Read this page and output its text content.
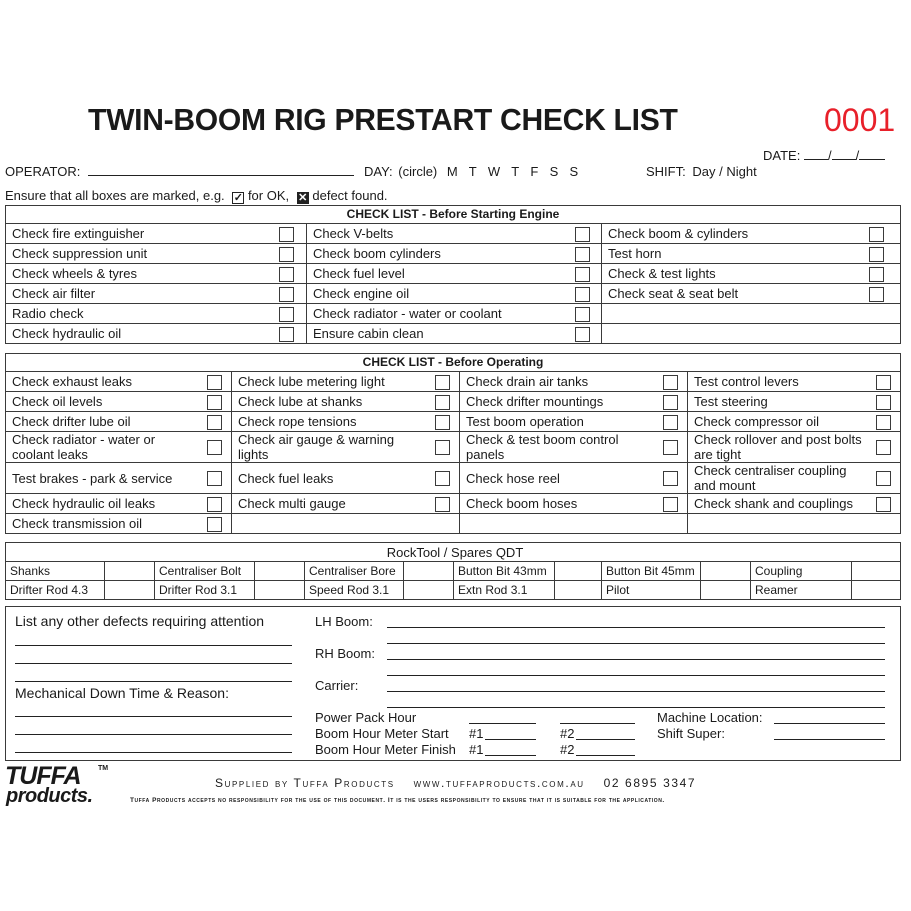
TWIN-BOOM RIG PRESTART CHECK LIST	0001
DATE: / /
OPERATOR:	DAY: (circle) M T W T F S S	SHIFT: Day / Night
Ensure that all boxes are marked, e.g. ✓ for OK, ✕ defect found.
CHECK LIST - Before Starting Engine					
Check fire extinguisher		Check V-belts		Check boom & cylinders	
Check suppression unit		Check boom cylinders		Test horn	
Check wheels & tyres		Check fuel level		Check & test lights	
Check air filter		Check engine oil		Check seat & seat belt	
Radio check		Check radiator - water or coolant			
Check hydraulic oil		Ensure cabin clean			
CHECK LIST - Before Operating							
Check exhaust leaks		Check lube metering light		Check drain air tanks		Test control levers	
Check oil levels		Check lube at shanks		Check drifter mountings		Test steering	
Check drifter lube oil		Check rope tensions		Test boom operation		Check compressor oil	
Check radiator - water or coolant leaks		Check air gauge & warning lights		Check & test boom control panels		Check rollover and post bolts are tight	
Test brakes - park & service		Check fuel leaks		Check hose reel		Check centraliser coupling and mount	
Check hydraulic oil leaks		Check multi gauge		Check boom hoses		Check shank and couplings	
Check transmission oil							
RockTool / Spares QDT											
Shanks		Centraliser Bolt		Centraliser Bore		Button Bit 43mm		Button Bit 45mm		Coupling	
Drifter Rod 4.3		Drifter Rod 3.1		Speed Rod 3.1		Extn Rod 3.1		Pilot		Reamer	
List any other defects requiring attention
Mechanical Down Time & Reason:
LH Boom:
RH Boom:
Carrier:
Power Pack Hour
Boom Hour Meter Start #1	#2
Boom Hour Meter Finish #1	#2
Machine Location:
Shift Super:
TUFFA
products.
TM
Supplied by Tuffa Products www.tuffaproducts.com.au 02 6895 3347
Tuffa Products accepts no responsibility for the use of this document. It is the users responsibility to ensure that it is suitable for the application.
